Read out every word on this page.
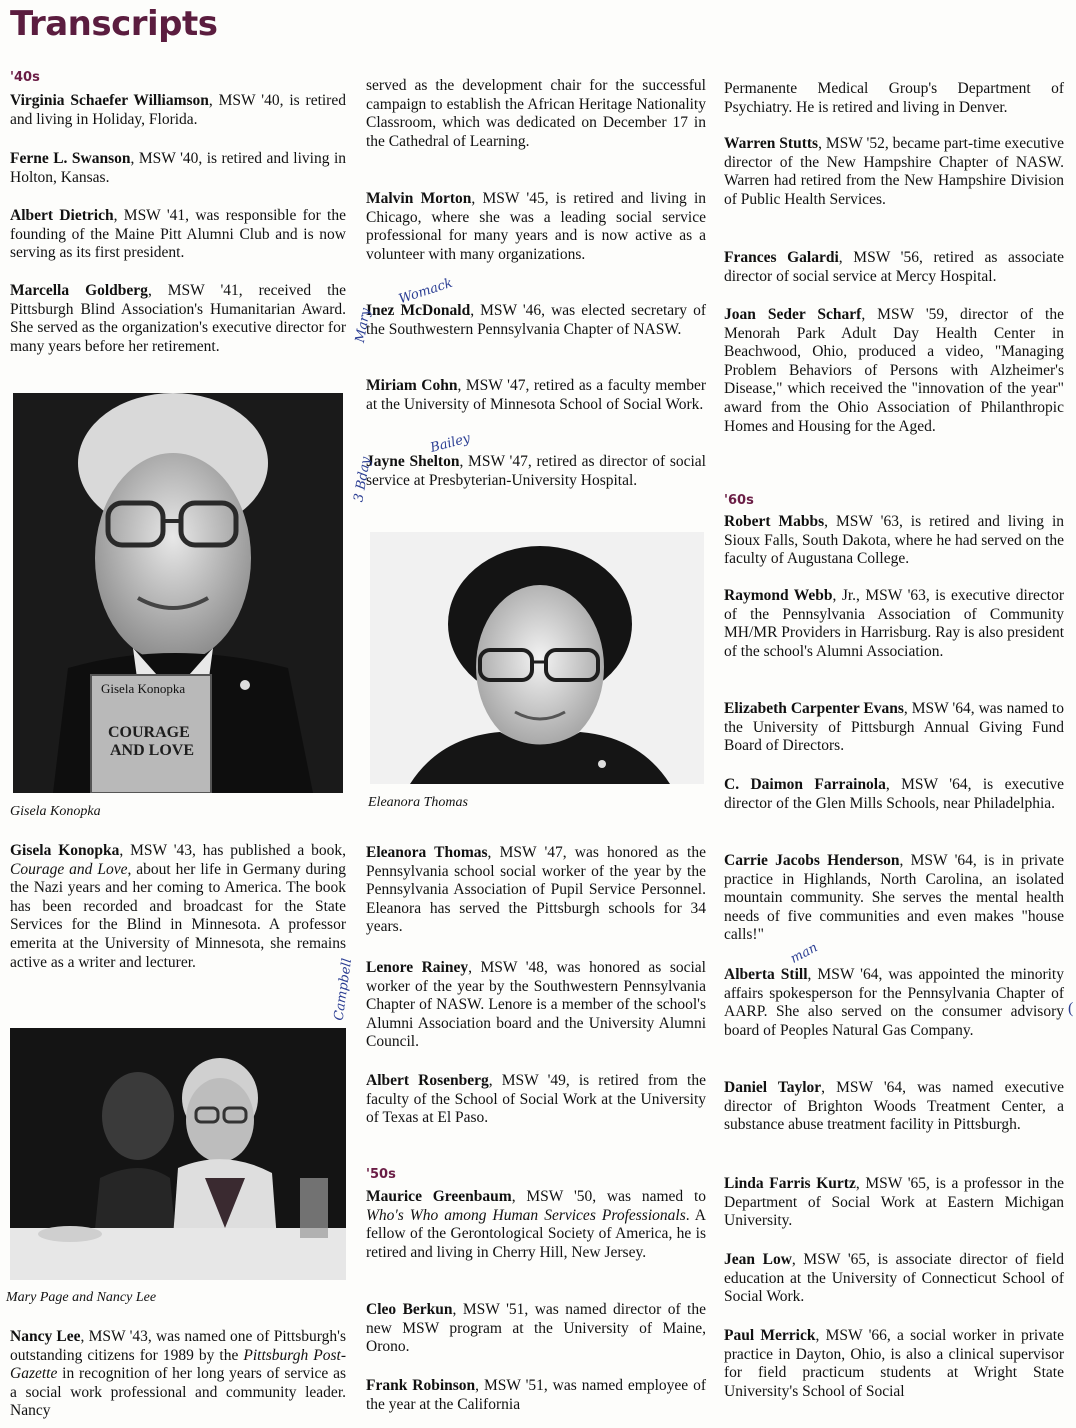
Transcripts
'40s

Virginia Schaefer Williamson, MSW '40, is retired and living in Holiday, Florida.

Ferne L. Swanson, MSW '40, is retired and living in Holton, Kansas.

Albert Dietrich, MSW '41, was responsible for the founding of the Maine Pitt Alumni Club and is now serving as its first president.

Marcella Goldberg, MSW '41, received the Pittsburgh Blind Association's Humanitarian Award. She served as the organization's executive director for many years before her retirement.

Gisela Konopka
COURAGE
AND LOVE
Gisela Konopka

Gisela Konopka, MSW '43, has published a book, Courage and Love, about her life in Germany during the Nazi years and her coming to America. The book has been recorded and broadcast for the State Services for the Blind in Minnesota. A professor emerita at the University of Minnesota, she remains active as a writer and lecturer.

Mary Page and Nancy Lee

Nancy Lee, MSW '43, was named one of Pittsburgh's outstanding citizens for 1989 by the Pittsburgh Post-Gazette in recognition of her long years of service as a social work professional and community leader. Nancy

served as the development chair for the successful campaign to establish the African Heritage Nationality Classroom, which was dedicated on December 17 in the Cathedral of Learning.

Malvin Morton, MSW '45, is retired and living in Chicago, where she was a leading social service professional for many years and is now active as a volunteer with many organizations.

Inez McDonald, MSW '46, was elected secretary of the Southwestern Pennsylvania Chapter of NASW.

Miriam Cohn, MSW '47, retired as a faculty member at the University of Minnesota School of Social Work.

Jayne Shelton, MSW '47, retired as director of social service at Presbyterian-University Hospital.

Eleanora Thomas

Eleanora Thomas, MSW '47, was honored as the Pennsylvania school social worker of the year by the Pennsylvania Association of Pupil Service Personnel. Eleanora has served the Pittsburgh schools for 34 years.

Lenore Rainey, MSW '48, was honored as social worker of the year by the Southwestern Pennsylvania Chapter of NASW. Lenore is a member of the school's Alumni Association board and the University Alumni Council.

Albert Rosenberg, MSW '49, is retired from the faculty of the School of Social Work at the University of Texas at El Paso.

'50s

Maurice Greenbaum, MSW '50, was named to Who's Who among Human Services Professionals. A fellow of the Gerontological Society of America, he is retired and living in Cherry Hill, New Jersey.

Cleo Berkun, MSW '51, was named director of the new MSW program at the University of Maine, Orono.

Frank Robinson, MSW '51, was named employee of the year at the California

Permanente Medical Group's Department of Psychiatry. He is retired and living in Denver.

Warren Stutts, MSW '52, became part-time executive director of the New Hampshire Chapter of NASW. Warren had retired from the New Hampshire Division of Public Health Services.

Frances Galardi, MSW '56, retired as associate director of social service at Mercy Hospital.

Joan Seder Scharf, MSW '59, director of the Menorah Park Adult Day Health Center in Beachwood, Ohio, produced a video, "Managing Problem Behaviors of Persons with Alzheimer's Disease," which received the "innovation of the year" award from the Ohio Association of Philanthropic Homes and Housing for the Aged.

'60s

Robert Mabbs, MSW '63, is retired and living in Sioux Falls, South Dakota, where he had served on the faculty of Augustana College.

Raymond Webb, Jr., MSW '63, is executive director of the Pennsylvania Association of Community MH/MR Providers in Harrisburg. Ray is also president of the school's Alumni Association.

Elizabeth Carpenter Evans, MSW '64, was named to the University of Pittsburgh Annual Giving Fund Board of Directors.

C. Daimon Farrainola, MSW '64, is executive director of the Glen Mills Schools, near Philadelphia.

Carrie Jacobs Henderson, MSW '64, is in private practice in Highlands, North Carolina, an isolated mountain community. She serves the mental health needs of five communities and even makes "house calls!"

Alberta Still, MSW '64, was appointed the minority affairs spokesperson for the Pennsylvania Chapter of AARP. She also served on the consumer advisory board of Peoples Natural Gas Company.

Daniel Taylor, MSW '64, was named executive director of Brighton Woods Treatment Center, a substance abuse treatment facility in Pittsburgh.

Linda Farris Kurtz, MSW '65, is a professor in the Department of Social Work at Eastern Michigan University.

Jean Low, MSW '65, is associate director of field education at the University of Connecticut School of Social Work.

Paul Merrick, MSW '66, a social worker in private practice in Dayton, Ohio, is also a clinical supervisor for field practicum students at Wright State University's School of Social

Womack
Mary
Bailey
3 Bday
Campbell
man
(
